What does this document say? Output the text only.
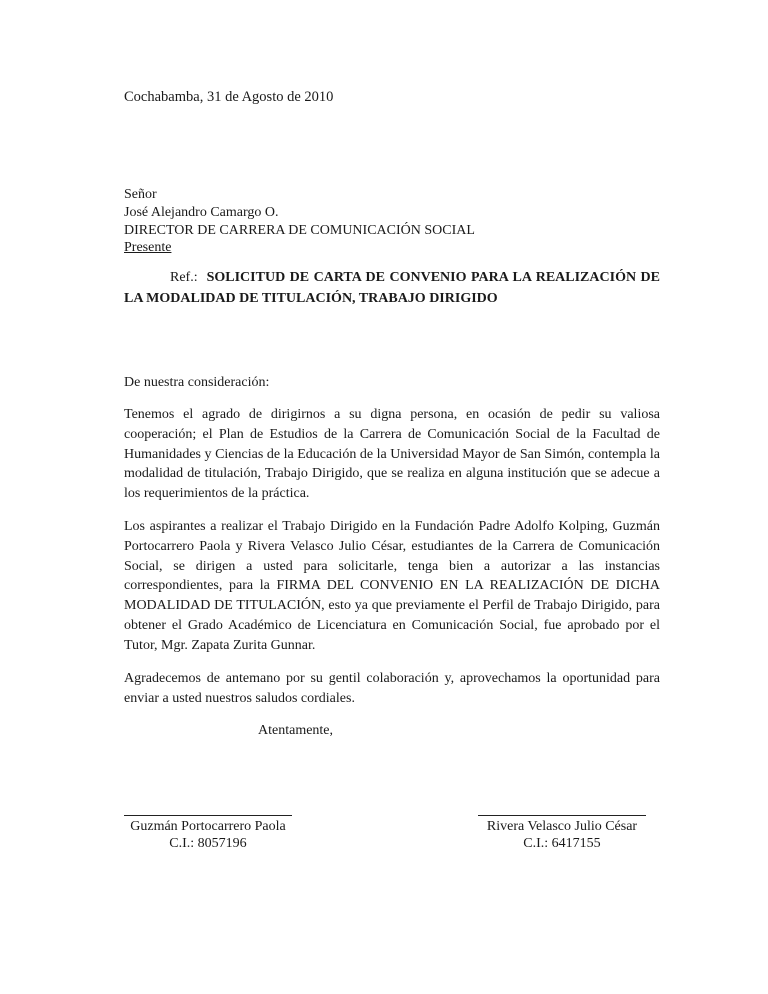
Cochabamba, 31 de Agosto de 2010
Señor
José Alejandro Camargo O.
DIRECTOR DE CARRERA DE COMUNICACIÓN SOCIAL
Presente
Ref.: SOLICITUD DE CARTA DE CONVENIO PARA LA REALIZACIÓN DE LA MODALIDAD DE TITULACIÓN, TRABAJO DIRIGIDO
De nuestra consideración:
Tenemos el agrado de dirigirnos a su digna persona, en ocasión de pedir su valiosa cooperación; el Plan de Estudios de la Carrera de Comunicación Social de la Facultad de Humanidades y Ciencias de la Educación de la Universidad Mayor de San Simón, contempla la modalidad de titulación, Trabajo Dirigido, que se realiza en alguna institución que se adecue a los requerimientos de la práctica.
Los aspirantes a realizar el Trabajo Dirigido en la Fundación Padre Adolfo Kolping, Guzmán Portocarrero Paola y Rivera Velasco Julio César, estudiantes de la Carrera de Comunicación Social, se dirigen a usted para solicitarle, tenga bien a autorizar a las instancias correspondientes, para la FIRMA DEL CONVENIO EN LA REALIZACIÓN DE DICHA MODALIDAD DE TITULACIÓN, esto ya que previamente el Perfil de Trabajo Dirigido, para obtener el Grado Académico de Licenciatura en Comunicación Social, fue aprobado por el Tutor, Mgr. Zapata Zurita Gunnar.
Agradecemos de antemano por su gentil colaboración y, aprovechamos la oportunidad para enviar a usted nuestros saludos cordiales.
Atentamente,
Guzmán Portocarrero Paola
C.I.: 8057196
Rivera Velasco Julio César
C.I.: 6417155
